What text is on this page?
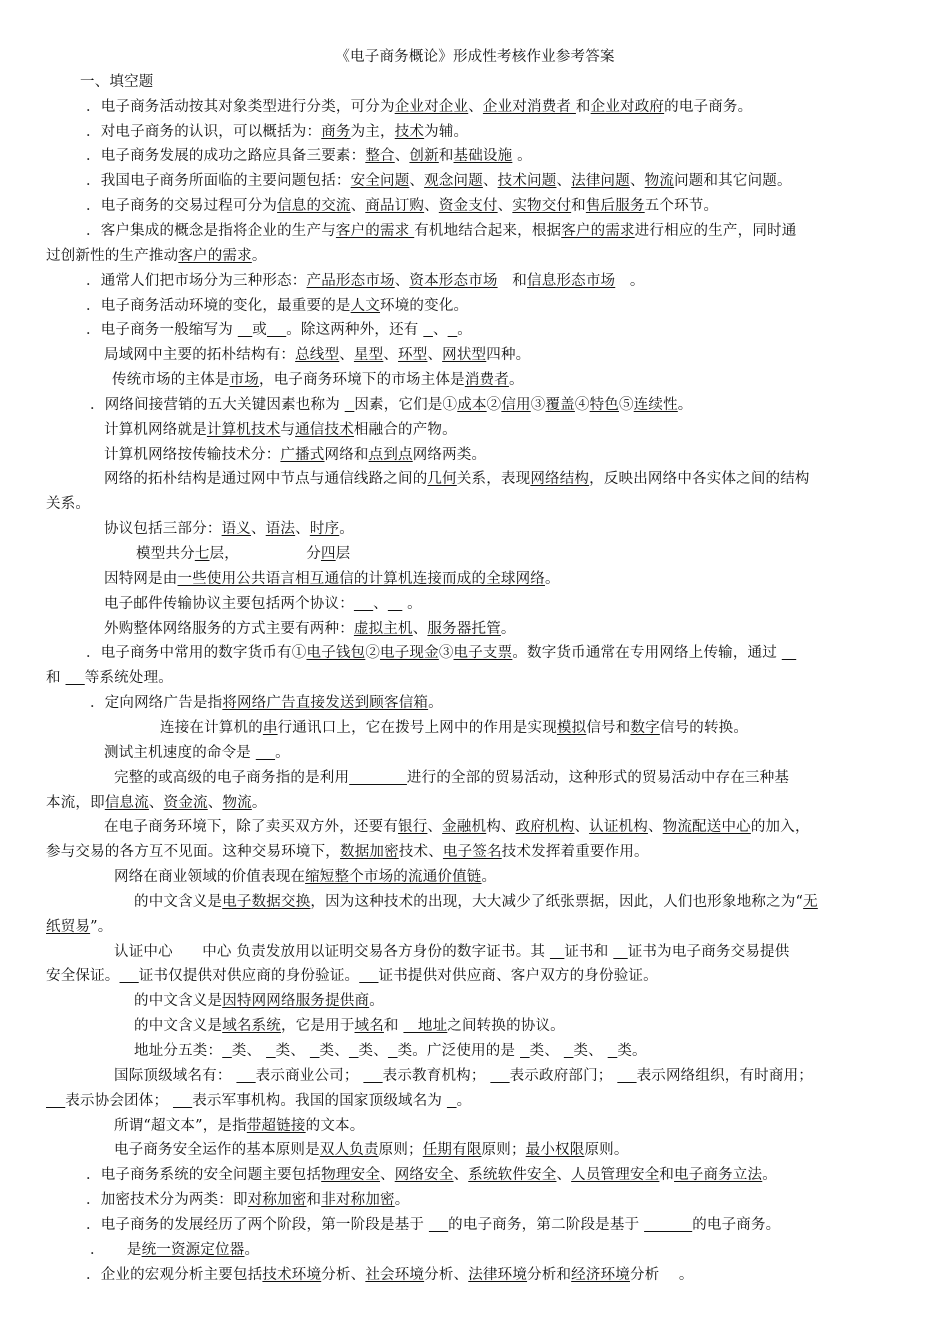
《电子商务概论》形成性考核作业参考答案
一、填空题
．电子商务活动按其对象类型进行分类，可分为企业对企业、企业对消费者 和企业对政府的电子商务。
．对电子商务的认识，可以概括为：商务为主，技术为辅。
．电子商务发展的成功之路应具备三要素：整合、创新和基础设施 。
．我国电子商务所面临的主要问题包括：安全问题、观念问题、技术问题、法律问题、物流问题和其它问题。
．电子商务的交易过程可分为信息的交流、商品订购、资金支付、实物交付和售后服务五个环节。
．客户集成的概念是指将企业的生产与客户的需求 有机地结合起来，根据客户的需求进行相应的生产，同时通
过创新性的生产推动客户的需求。
．通常人们把市场分为三种形态：产品形态市场、资本形态市场　和信息形态市场　。
．电子商务活动环境的变化，最重要的是人文环境的变化。
．电子商务一般缩写为    或 。除这两种外，还有   、 。
局域网中主要的拓朴结构有：总线型、星型、环型、网状型四种。
传统市场的主体是市场，电子商务环境下的市场主体是消费者。
．网络间接营销的五大关键因素也称为   因素，它们是①成本②信用③覆盖④特色⑤连续性。
计算机网络就是计算机技术与通信技术相融合的产物。
计算机网络按传输技术分：广播式网络和点到点网络两类。
网络的拓朴结构是通过网中节点与通信线路之间的几何关系，表现网络结构，反映出网络中各实体之间的结构
关系。
协议包括三部分：语义、语法、时序。
模型共分七层，              分四层
因特网是由一些使用公共语言相互通信的计算机连接而成的全球网络。
电子邮件传输协议主要包括两个协议： 、    。
外购整体网络服务的方式主要有两种：虚拟主机、服务器托管。
．电子商务中常用的数字货币有①电子钱包②电子现金③电子支票。数字货币通常在专用网络上传输，通过
和     等系统处理。
．定向网络广告是指将网络广告直接发送到顾客信箱。
连接在计算机的串行通讯口上，它在拨号上网中的作用是实现模拟信号和数字信号的转换。
测试主机速度的命令是     。
完整的或高级的电子商务指的是利用	进行的全部的贸易活动，这种形式的贸易活动中存在三种基
本流，即信息流、资金流、物流。
在电子商务环境下，除了卖买双方外，还要有银行、金融机构、政府机构、认证机构、物流配送中心的加入，
参与交易的各方互不见面。这种交易环境下，数据加密技术、电子签名技术发挥着重要作用。
网络在商业领域的价值表现在缩短整个市场的流通价值链。
的中文含义是电子数据交换，因为这种技术的出现，大大减少了纸张票据，因此，人们也形象地称之为“无
纸贸易”。
认证中心　　中心 负责发放用以证明交易各方身份的数字证书。其    证书和    证书为电子商务交易提供
安全保证。 证书仅提供对供应商的身份验证。 证书提供对供应商、客户双方的身份验证。
的中文含义是因特网网络服务提供商。
的中文含义是域名系统，它是用于域名和    地址之间转换的协议。
地址分五类： 类、   类、   类、 类、 类。广泛使用的是   类、   类、   类。
国际顶级域名有：     表示商业公司；     表示教育机构；     表示政府部门；     表示网络组织，有时商用；
表示协会团体；     表示军事机构。我国的国家顶级域名为   。
所谓“超文本”，是指带超链接的文本。
电子商务安全运作的基本原则是双人负责原则；任期有限原则；最小权限原则。
．电子商务系统的安全问题主要包括物理安全、网络安全、系统软件安全、人员管理安全和电子商务立法。
．加密技术分为两类：即对称加密和非对称加密。
．电子商务的发展经历了两个阶段，第一阶段是基于     的电子商务，第二阶段是基于	的电子商务。
．　　是统一资源定位器。
．企业的宏观分析主要包括技术环境分析、社会环境分析、法律环境分析和经济环境分析　 。
